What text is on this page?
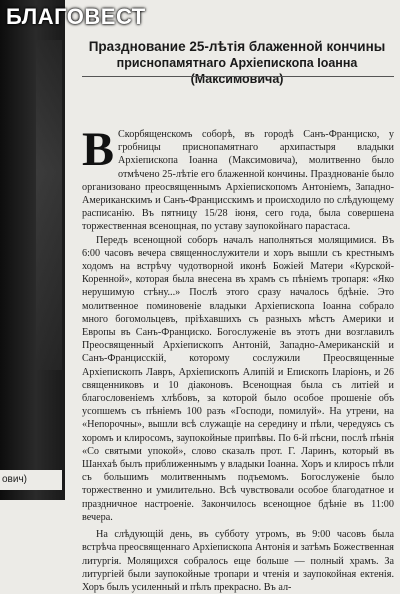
БЛАГОВЕСТ
ович)
Празднование 25-лѣтія блаженной кончины
приснопамятнаго Архіепископа Іоанна (Максимовича)

В Скорбященскомъ соборѣ, въ городѣ Санъ-Франциско, у гробницы приснопамятнаго архипастыря владыки Архіепископа Іоанна (Максимовича), молитвенно было отмѣчено 25-лѣтіе его блаженной кончины. Празднованіе было организовано преосвященнымъ Архіепископомъ Антоніемъ, Западно-Американскимъ и Санъ-Францисскимъ и происходило по слѣдующему расписанію. Въ пятницу 15/28 іюня, сего года, была совершена торжественная всенощная, по уставу заупокойнаго парастаса.

Передъ всенощной соборъ началъ наполняться молящимися. Въ 6:00 часовъ вечера священнослужители и хоръ вышли съ крестнымъ ходомъ на встрѣчу чудотворной иконѣ Божіей Матери «Курской-Коренной», которая была внесена въ храмъ съ пѣніемъ тропаря: «Яко нерушимую стѣну...» Послѣ этого сразу началось бдѣніе. Это молитвенное поминовеніе владыки Архіепископа Іоанна собрало много богомольцевъ, пріѣхавшихъ съ разныхъ мѣстъ Америки и Европы въ Санъ-Франциско. Богослуженіе въ этотъ дни возглавилъ Преосвященный Архіепископъ Антоній, Западно-Американскій и Санъ-Францисскій, которому сослужили Преосвященные Архіепископъ Лавръ, Архіепископъ Алипій и Епископъ Іларіонъ, и 26 священниковъ и 10 діаконовъ. Всенощная была съ литіей и благословеніемъ хлѣбовъ, за которой было особое прошеніе объ усопшемъ съ пѣніемъ 100 разъ «Господи, помилуй». На утрени, на «Непорочны», вышли всѣ служащіе на середину и пѣли, чередуясь съ хоромъ и клиросомъ, заупокойные припѣвы. По 6-й пѣсни, послѣ пѣнія «Со святыми упокой», слово сказалъ прот. Г. Ларинъ, который въ Шанхаѣ былъ приближеннымъ у владыки Іоанна. Хоръ и клиросъ пѣли съ большимъ молитвеннымъ подъемомъ. Богослуженіе было торжественно и умилительно. Всѣ чувствовали особое благодатное и праздничное настроеніе. Закончилось всенощное бдѣніе въ 11:00 вечера.

На слѣдующій день, въ субботу утромъ, въ 9:00 часовъ была встрѣча преосвященнаго Архіепископа Антонія и затѣмъ Божественная литургія. Молящихся собралось еще больше — полный храмъ. За литургіей были заупокойные тропари и чтенія и заупокойная ектенія. Хоръ былъ усиленный и пѣлъ прекрасно. Въ ал-
